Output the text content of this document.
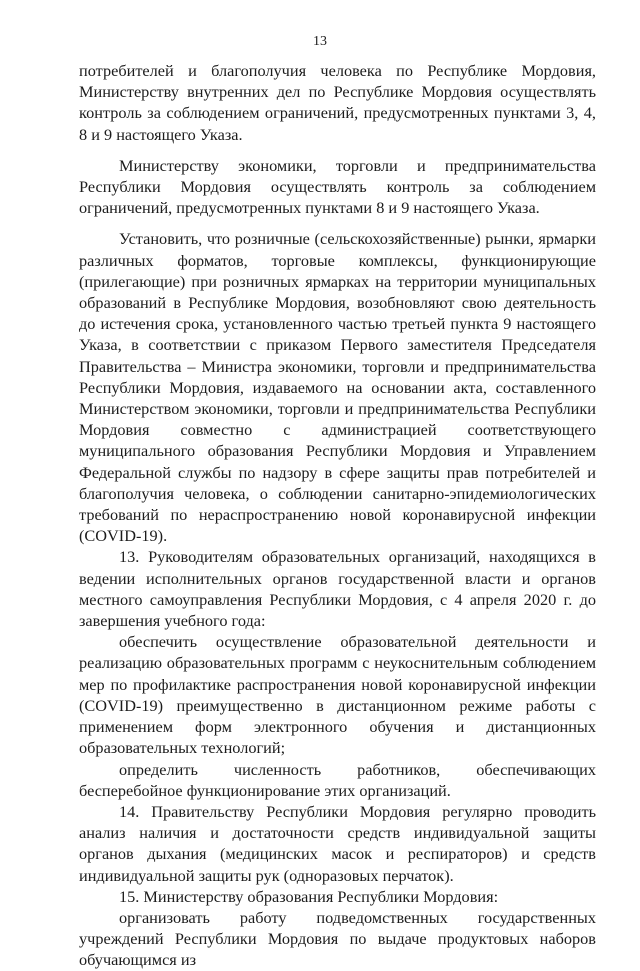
13

потребителей и благополучия человека по Республике Мордовия, Министерству внутренних дел по Республике Мордовия осуществлять контроль за соблюдением ограничений, предусмотренных пунктами 3, 4, 8 и 9 настоящего Указа.

Министерству экономики, торговли и предпринимательства Республики Мордовия осуществлять контроль за соблюдением ограничений, предусмотренных пунктами 8 и 9 настоящего Указа.

Установить, что розничные (сельскохозяйственные) рынки, ярмарки различных форматов, торговые комплексы, функционирующие (прилегающие) при розничных ярмарках на территории муниципальных образований в Республике Мордовия, возобновляют свою деятельность до истечения срока, установленного частью третьей пункта 9 настоящего Указа, в соответствии с приказом Первого заместителя Председателя Правительства – Министра экономики, торговли и предпринимательства Республики Мордовия, издаваемого на основании акта, составленного Министерством экономики, торговли и предпринимательства Республики Мордовия совместно с администрацией соответствующего муниципального образования Республики Мордовия и Управлением Федеральной службы по надзору в сфере защиты прав потребителей и благополучия человека, о соблюдении санитарно-эпидемиологических требований по нераспространению новой коронавирусной инфекции (COVID-19).

13. Руководителям образовательных организаций, находящихся в ведении исполнительных органов государственной власти и органов местного самоуправления Республики Мордовия, с 4 апреля 2020 г. до завершения учебного года:

обеспечить осуществление образовательной деятельности и реализацию образовательных программ с неукоснительным соблюдением мер по профилактике распространения новой коронавирусной инфекции (COVID-19) преимущественно в дистанционном режиме работы с применением форм электронного обучения и дистанционных образовательных технологий;

определить численность работников, обеспечивающих бесперебойное функционирование этих организаций.

14. Правительству Республики Мордовия регулярно проводить анализ наличия и достаточности средств индивидуальной защиты органов дыхания (медицинских масок и респираторов) и средств индивидуальной защиты рук (одноразовых перчаток).

15. Министерству образования Республики Мордовия:

организовать работу подведомственных государственных учреждений Республики Мордовия по выдаче продуктовых наборов обучающимся из
